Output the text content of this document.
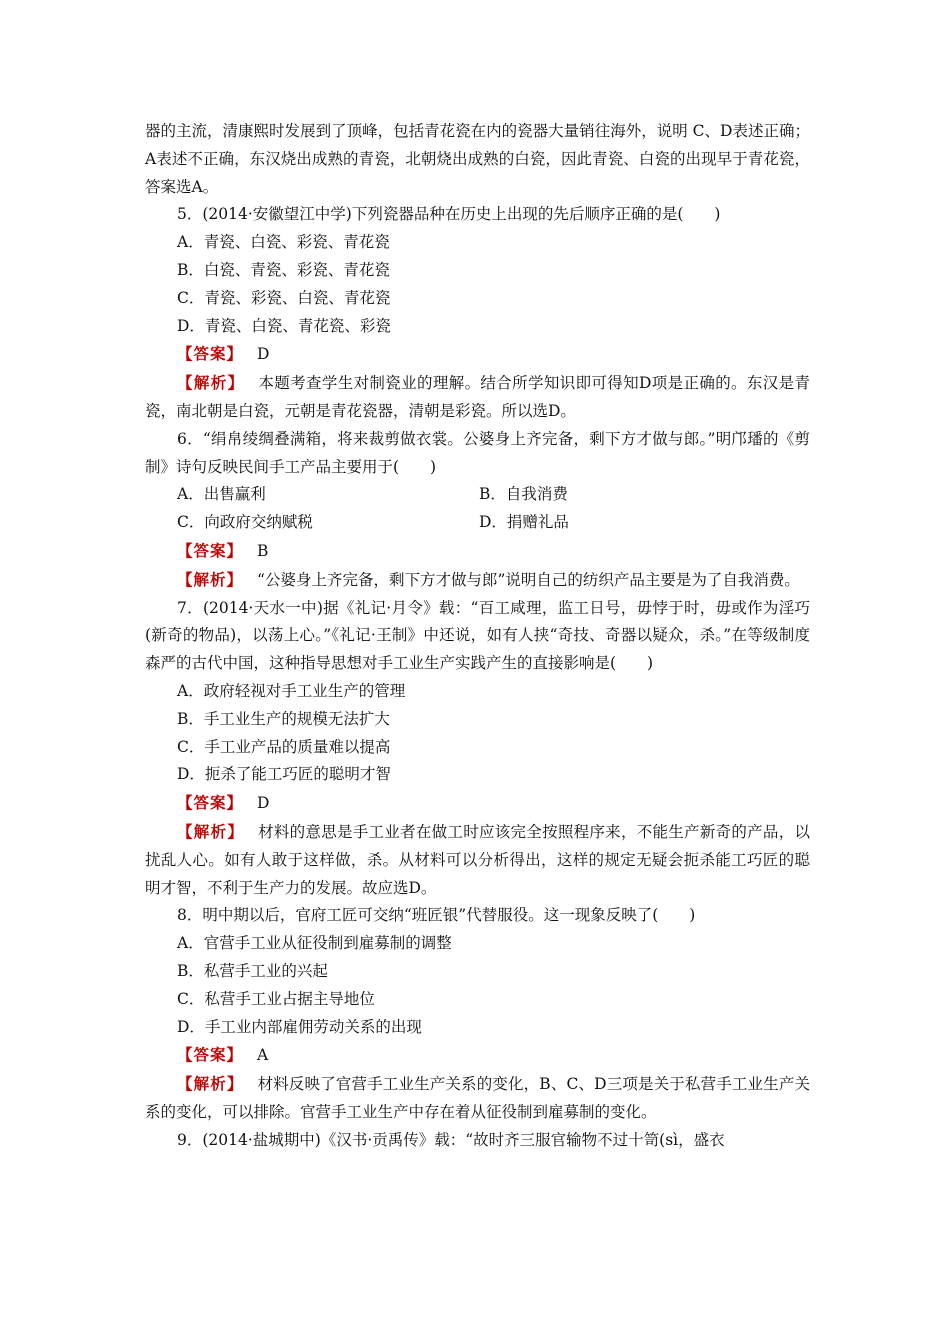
器的主流，清康熙时发展到了顶峰，包括青花瓷在内的瓷器大量销往海外，说明 C、D表述正确；A表述不正确，东汉烧出成熟的青瓷，北朝烧出成熟的白瓷，因此青瓷、白瓷的出现早于青花瓷，答案选A。

5．(2014·安徽望江中学)下列瓷器品种在历史上出现的先后顺序正确的是(　　)

A．青瓷、白瓷、彩瓷、青花瓷

B．白瓷、青瓷、彩瓷、青花瓷

C．青瓷、彩瓷、白瓷、青花瓷

D．青瓷、白瓷、青花瓷、彩瓷

【答案】 D

【解析】 本题考查学生对制瓷业的理解。结合所学知识即可得知D项是正确的。东汉是青瓷，南北朝是白瓷，元朝是青花瓷器，清朝是彩瓷。所以选D。

6．“绢帛绫绸叠满箱，将来裁剪做衣裳。公婆身上齐完备，剩下方才做与郎。”明邝璠的《剪制》诗句反映民间手工产品主要用于(　　)

A．出售赢利	B．自我消费
C．向政府交纳赋税	D．捐赠礼品

【答案】 B

【解析】 “公婆身上齐完备，剩下方才做与郎”说明自己的纺织产品主要是为了自我消费。

7．(2014·天水一中)据《礼记·月令》载：“百工咸理，监工日号，毋悖于时，毋或作为淫巧(新奇的物品)，以荡上心。”《礼记·王制》中还说，如有人挟“奇技、奇器以疑众，杀。”在等级制度森严的古代中国，这种指导思想对手工业生产实践产生的直接影响是(　　)

A．政府轻视对手工业生产的管理

B．手工业生产的规模无法扩大

C．手工业产品的质量难以提高

D．扼杀了能工巧匠的聪明才智

【答案】 D

【解析】 材料的意思是手工业者在做工时应该完全按照程序来，不能生产新奇的产品，以扰乱人心。如有人敢于这样做，杀。从材料可以分析得出，这样的规定无疑会扼杀能工巧匠的聪明才智，不利于生产力的发展。故应选D。

8．明中期以后，官府工匠可交纳“班匠银”代替服役。这一现象反映了(　　)

A．官营手工业从征役制到雇募制的调整

B．私营手工业的兴起

C．私营手工业占据主导地位

D．手工业内部雇佣劳动关系的出现

【答案】 A

【解析】 材料反映了官营手工业生产关系的变化，B、C、D三项是关于私营手工业生产关系的变化，可以排除。官营手工业生产中存在着从征役制到雇募制的变化。

9．(2014·盐城期中)《汉书·贡禹传》载：“故时齐三服官输物不过十笥(sì，盛衣
